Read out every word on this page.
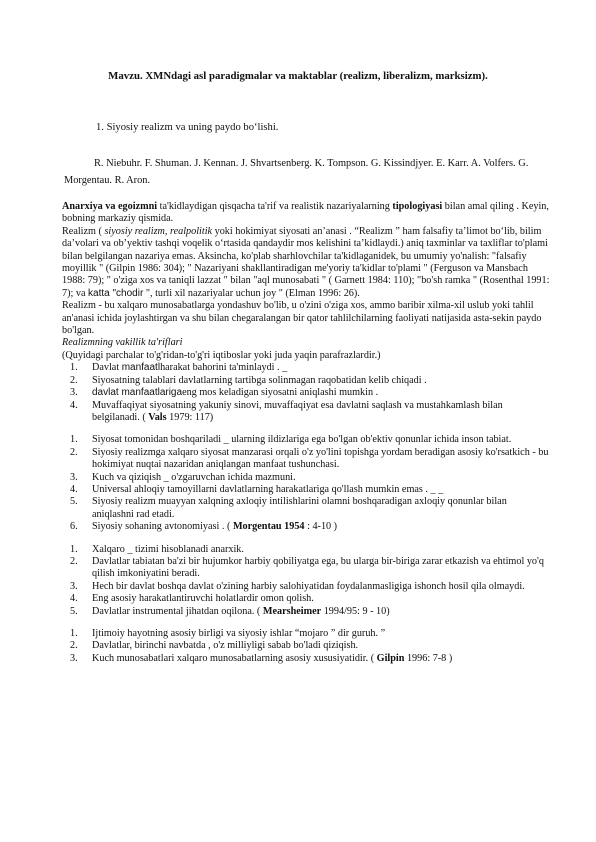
Mavzu. XMNdagi asl paradigmalar va maktablar (realizm, liberalizm, marksizm).
1. Siyosiy realizm va uning paydo bo‘lishi.
R. Niebuhr. F. Shuman. J. Kennan. J. Shvartsenberg. K. Tompson. G. Kissindjyer. E. Karr. A. Volfers. G. Morgentau. R. Aron.

Anarxiya va egoizmni ta'kidlaydigan qisqacha ta'rif va realistik nazariyalarning tipologiyasi bilan amal qiling . Keyin, bobning markaziy qismida.

Realizm ( siyosiy realizm, realpolitik yoki hokimiyat siyosati an’anasi . “Realizm ” ham falsafiy ta’limot bo‘lib, bilim da’volari va ob’yektiv tashqi voqelik o‘rtasida qandaydir mos kelishini ta’kidlaydi.) aniq taxminlar va taxliflar to'plami bilan belgilangan nazariya emas. Aksincha, ko'plab sharhlovchilar ta'kidlaganidek, bu umumiy yo'nalish: "falsafiy moyillik " (Gilpin 1986: 304); " Nazariyani shakllantiradigan me'yoriy ta'kidlar to'plami " (Ferguson va Mansbach 1988: 79); " o'ziga xos va taniqli lazzat " bilan "aql munosabati " ( Garnett 1984: 110); "bo'sh ramka " (Rosenthal 1991: 7); va katta "chodir ", turli xil nazariyalar uchun joy " (Elman 1996: 26).

Realizm - bu xalqaro munosabatlarga yondashuv bo'lib, u o'zini o'ziga xos, ammo baribir xilma-xil uslub yoki tahlil an'anasi ichida joylashtirgan va shu bilan chegaralangan bir qator tahlilchilarning faoliyati natijasida asta-sekin paydo bo'lgan.

Realizmning vakillik ta'riflari

(Quyidagi parchalar to'g'ridan-to'g'ri iqtiboslar yoki juda yaqin parafrazlardir.)

1. Davlat manfaatlharakat bahorini ta'minlaydi . _
2. Siyosatning talablari davlatlarning tartibga solinmagan raqobatidan kelib chiqadi .
3. davlat manfaatlarigaeng mos keladigan siyosatni aniqlashi mumkin .
4. Muvaffaqiyat siyosatning yakuniy sinovi, muvaffaqiyat esa davlatni saqlash va mustahkamlash bilan belgilanadi. ( Vals 1979: 117)
1. Siyosat tomonidan boshqariladi _ ularning ildizlariga ega bo'lgan ob'ektiv qonunlar ichida inson tabiat.
2. Siyosiy realizmga xalqaro siyosat manzarasi orqali o'z yo'lini topishga yordam beradigan asosiy ko'rsatkich - bu hokimiyat nuqtai nazaridan aniqlangan manfaat tushunchasi.
3. Kuch va qiziqish _ o'zgaruvchan ichida mazmuni.
4. Universal ahloqiy tamoyillarni davlatlarning harakatlariga qo'llash mumkin emas . _ _
5. Siyosiy realizm muayyan xalqning axloqiy intilishlarini olamni boshqaradigan axloqiy qonunlar bilan aniqlashni rad etadi.
6. Siyosiy sohaning avtonomiyasi . ( Morgentau 1954 : 4-10 )
1. Xalqaro _ tizimi hisoblanadi anarxik.
2. Davlatlar tabiatan ba'zi bir hujumkor harbiy qobiliyatga ega, bu ularga bir-biriga zarar etkazish va ehtimol yo'q qilish imkoniyatini beradi.
3. Hech bir davlat boshqa davlat o'zining harbiy salohiyatidan foydalanmasligiga ishonch hosil qila olmaydi.
4. Eng asosiy harakatlantiruvchi holatlardir omon qolish.
5. Davlatlar instrumental jihatdan oqilona. ( Mearsheimer 1994/95: 9 - 10)
1. Ijtimoiy hayotning asosiy birligi va siyosiy ishlar “mojaro ” dir guruh. ”
2. Davlatlar, birinchi navbatda , o'z milliyligi sabab bo'ladi qiziqish.
3. Kuch munosabatlari xalqaro munosabatlarning asosiy xususiyatidir. ( Gilpin 1996: 7-8 )
